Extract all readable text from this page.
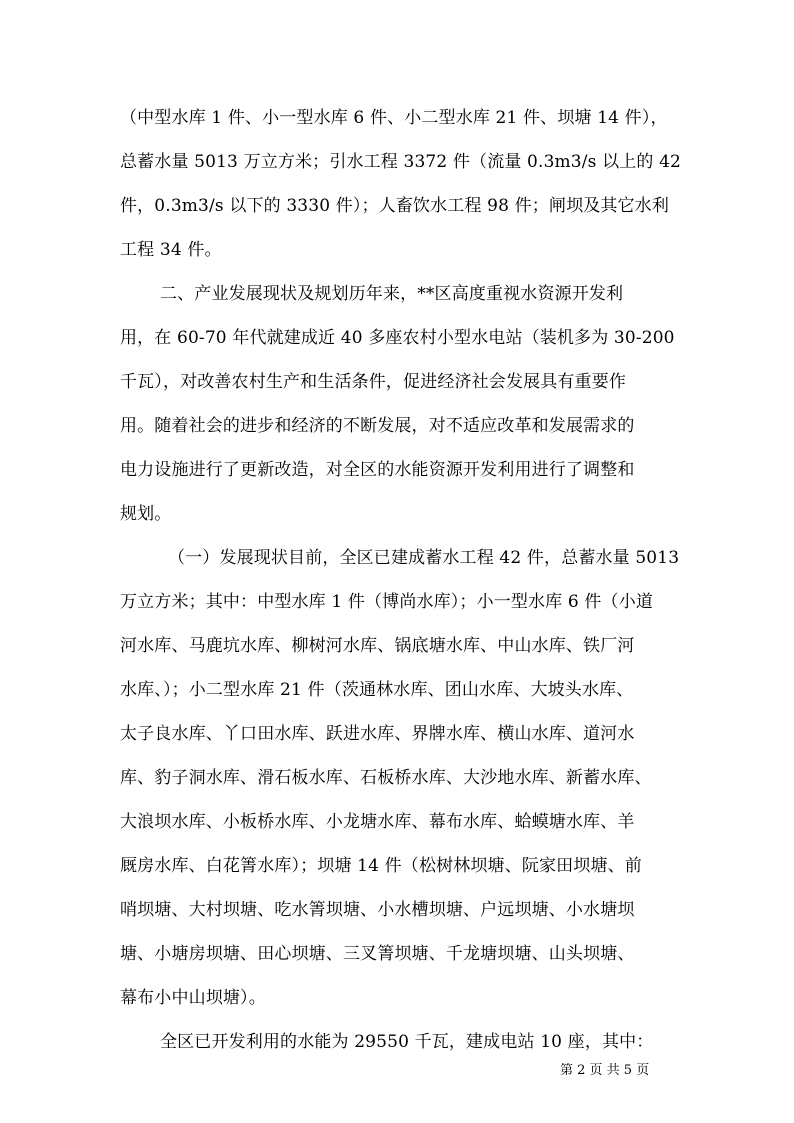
（中型水库 1 件、小一型水库 6 件、小二型水库 21 件、坝塘 14 件），
总蓄水量 5013 万立方米；引水工程 3372 件（流量 0.3m3/s 以上的 42
件，0.3m3/s 以下的 3330 件）；人畜饮水工程 98 件；闸坝及其它水利
工程 34 件。
二、产业发展现状及规划历年来，**区高度重视水资源开发利
用，在 60-70 年代就建成近 40 多座农村小型水电站（装机多为 30-200
千瓦），对改善农村生产和生活条件，促进经济社会发展具有重要作
用。随着社会的进步和经济的不断发展，对不适应改革和发展需求的
电力设施进行了更新改造，对全区的水能资源开发利用进行了调整和
规划。
（一）发展现状目前，全区已建成蓄水工程 42 件，总蓄水量 5013
万立方米；其中：中型水库 1 件（博尚水库）；小一型水库 6 件（小道
河水库、马鹿坑水库、柳树河水库、锅底塘水库、中山水库、铁厂河
水库、）；小二型水库 21 件（茨通林水库、团山水库、大坡头水库、
太子良水库、丫口田水库、跃进水库、界牌水库、横山水库、道河水
库、豹子洞水库、滑石板水库、石板桥水库、大沙地水库、新蓄水库、
大浪坝水库、小板桥水库、小龙塘水库、幕布水库、蛤蟆塘水库、羊
厩房水库、白花箐水库）；坝塘 14 件（松树林坝塘、阮家田坝塘、前
哨坝塘、大村坝塘、吃水箐坝塘、小水槽坝塘、户远坝塘、小水塘坝
塘、小塘房坝塘、田心坝塘、三叉箐坝塘、千龙塘坝塘、山头坝塘、
幕布小中山坝塘）。
全区已开发利用的水能为 29550 千瓦，建成电站 10 座，其中：
第 2 页 共 5 页
